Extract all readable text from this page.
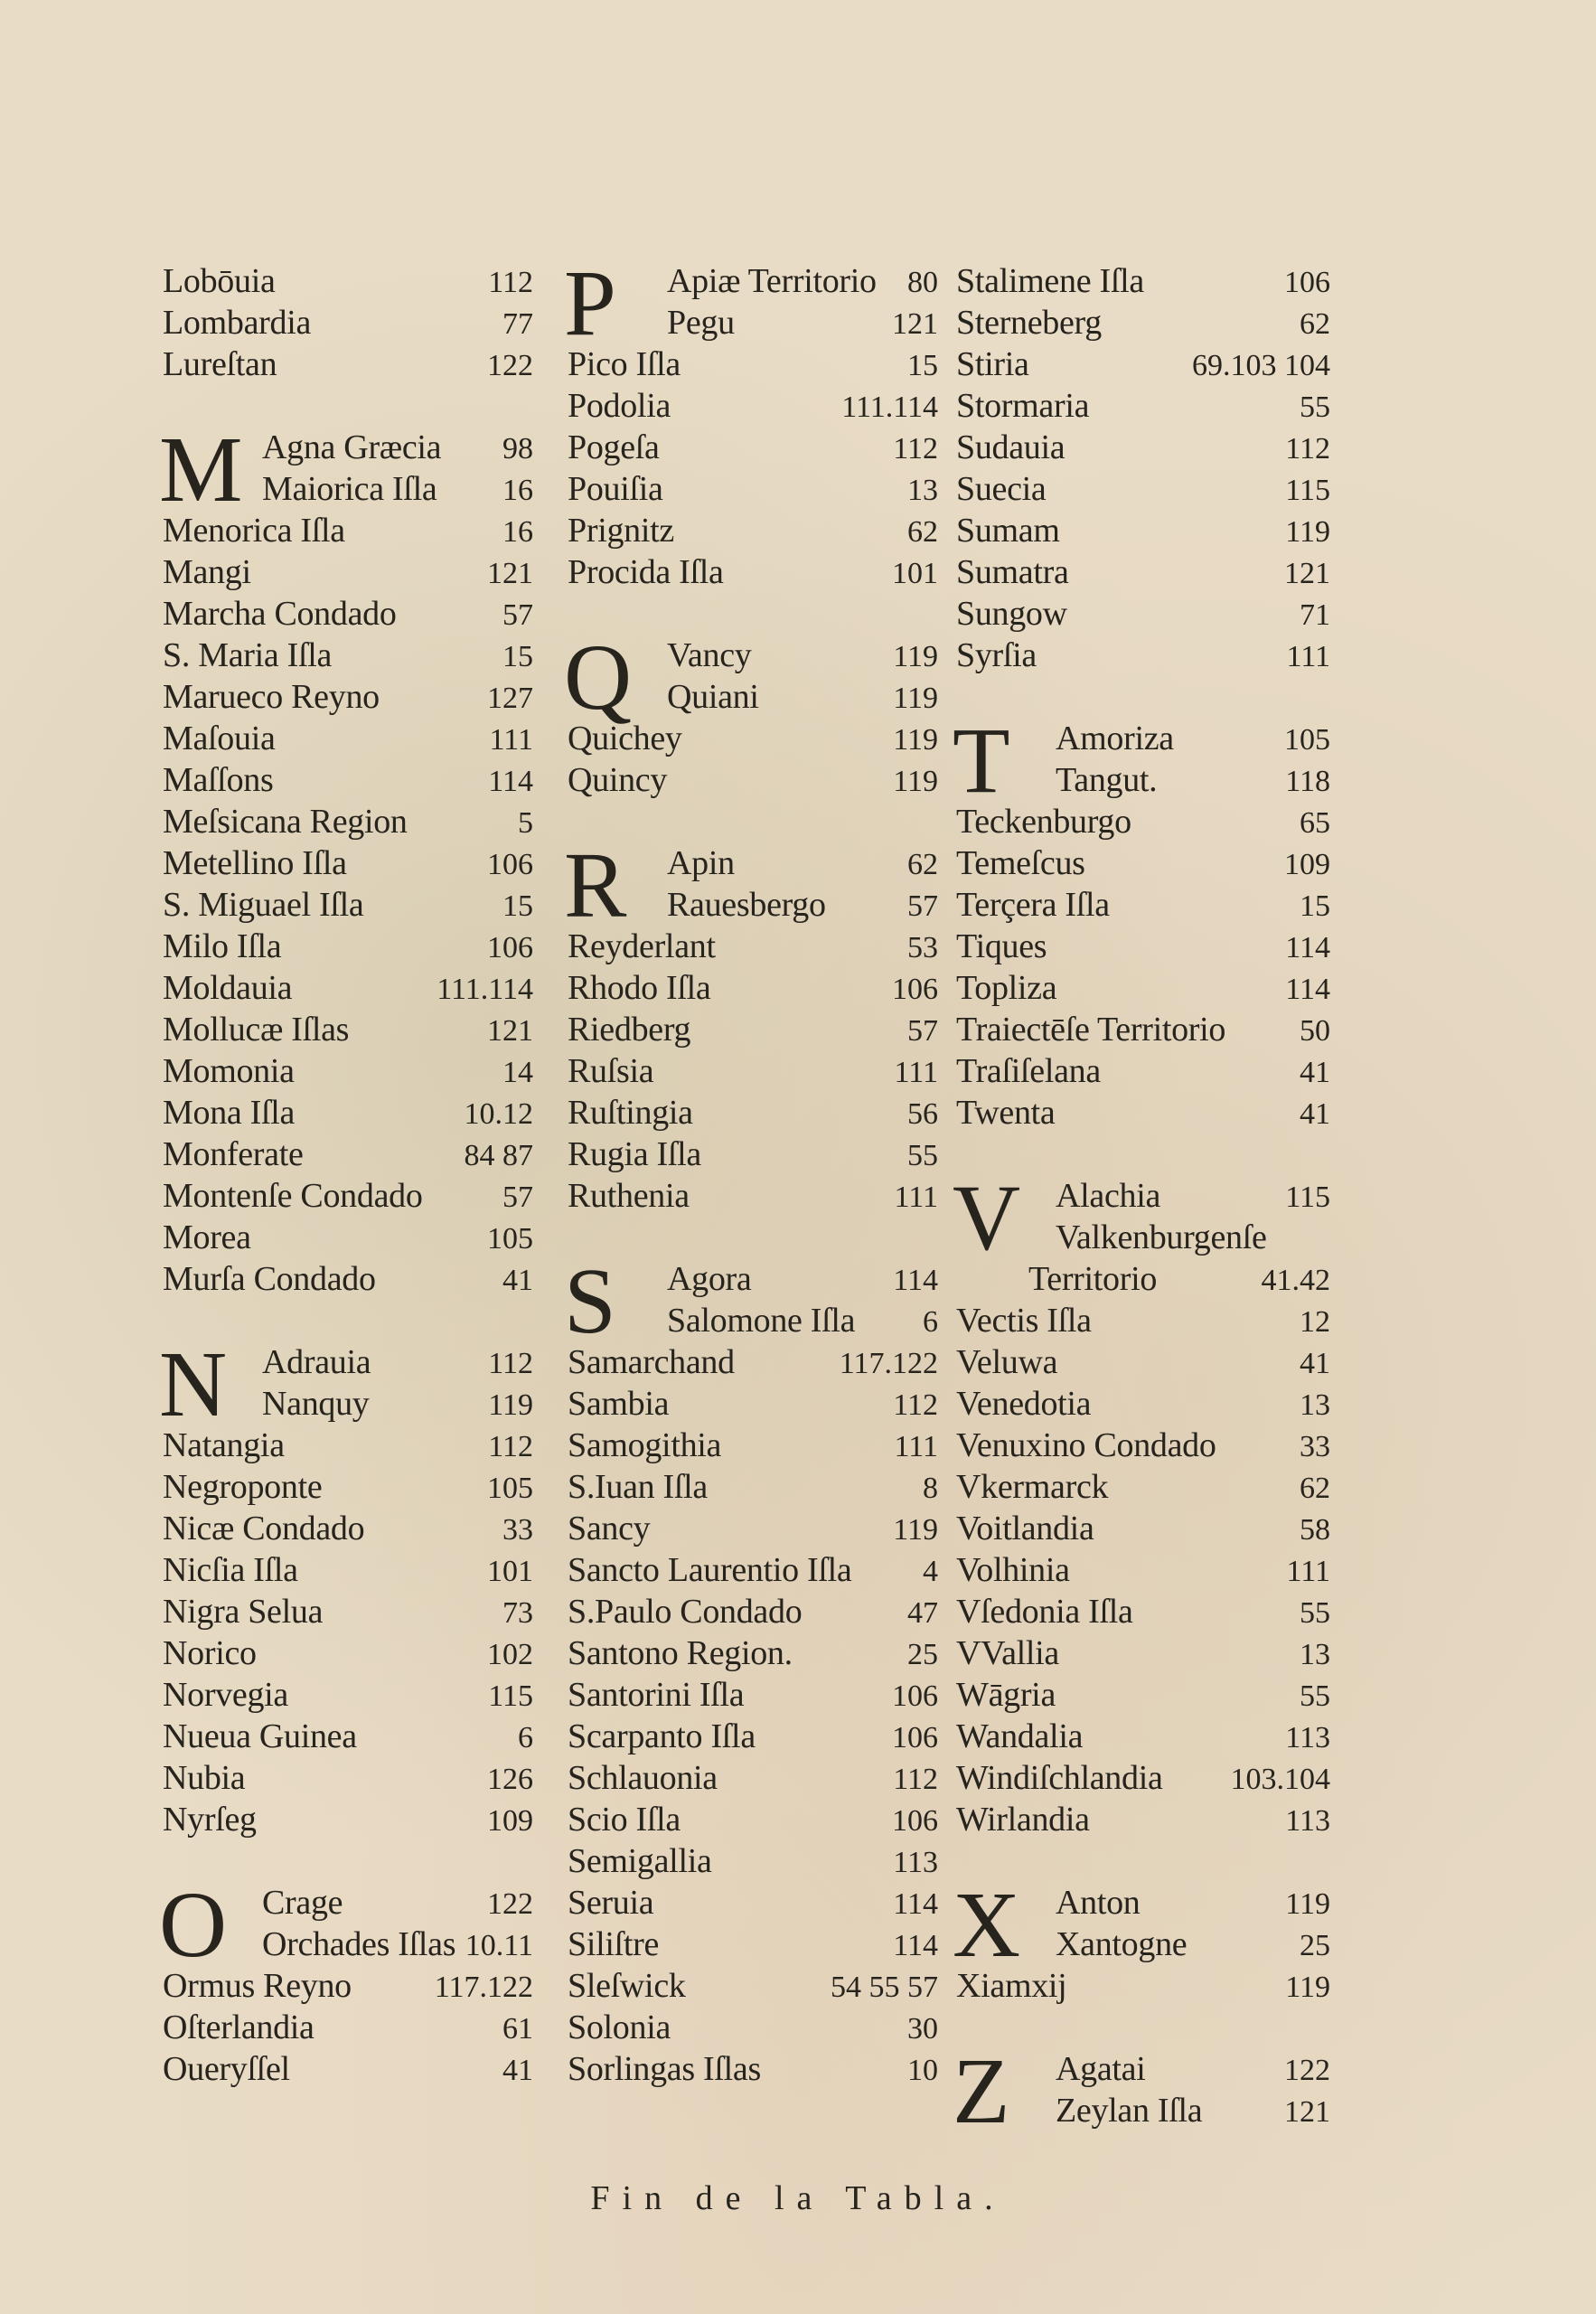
Lobōuia	112
Lombardia	77
Lureſtan	122
M Agna Græcia 98
Maiorica Iſla 16
Menorica Iſla	16
Mangi	121
Marcha Condado	57
S. Maria Iſla	15
Marueco Reyno	127
Maſouia	111
Maſſons	114
Meſsicana Region	5
Metellino Iſla	106
S. Miguael Iſla	15
Milo Iſla	106
Moldauia	111.114
Mollucæ Iſlas	121
Momonia	14
Mona Iſla	10.12
Monferate	84 87
Montenſe Condado	57
Morea	105
Murſa Condado	41
N	Adrauia	112
Nanquy	119
Natangia	112
Negroponte	105
Nicæ Condado	33
Nicſia Iſla	101
Nigra Selua	73
Norico	102
Norvegia	115
Nueua Guinea	6
Nubia	126
Nyrſeg	109
O	Crage	122
Orchades Iſlas 10.11
Ormus Reyno	117.122
Oſterlandia	61
Oueryſſel	41
P	Apiæ Territorio 80
Pegu	121
Pico Iſla	15
Podolia	111.114
Pogeſa	112
Pouiſia	13
Prignitz	62
Procida Iſla	101
Q	Vancy	119
Quiani	119
Quichey	119
Quincy	119
R	Apin	62
Rauesbergo	57
Reyderlant	53
Rhodo Iſla	106
Riedberg	57
Ruſsia	111
Ruſtingia	56
Rugia Iſla	55
Ruthenia	111
S	Agora	114
Salomone Iſla 6
Samarchand	117.122
Sambia	112
Samogithia	111
S.Iuan Iſla	8
Sancy	119
Sancto Laurentio Iſla 4
S.Paulo Condado	47
Santono Region.	25
Santorini Iſla	106
Scarpanto Iſla	106
Schlauonia	112
Scio Iſla	106
Semigallia	113
Seruia	114
Siliſtre	114
Sleſwick	54 55 57
Solonia	30
Sorlingas Iſlas	10
Stalimene Iſla	106
Sterneberg	62
Stiria	69.103 104
Stormaria	55
Sudauia	112
Suecia	115
Sumam	119
Sumatra	121
Sungow	71
Syrſia	111
T	Amoriza	105
Tangut.	118
Teckenburgo	65
Temeſcus	109
Terçera Iſla	15
Tiques	114
Topliza	114
Traiectēſe Territorio 50
Traſiſelana	41
Twenta	41
V	Alachia	115
Valkenburgenſe
Territorio	41.42
Vectis Iſla	12
Veluwa	41
Venedotia	13
Venuxino Condado	33
Vkermarck	62
Voitlandia	58
Volhinia	111
Vſedonia Iſla	55
VVallia	13
Wāgria	55
Wandalia	113
Windiſchlandia 103.104
Wirlandia	113
X	Anton	119
Xantogne	25
Xiamxij	119
Z	Agatai	122
Zeylan Iſla	121
Fin de la Tabla.
